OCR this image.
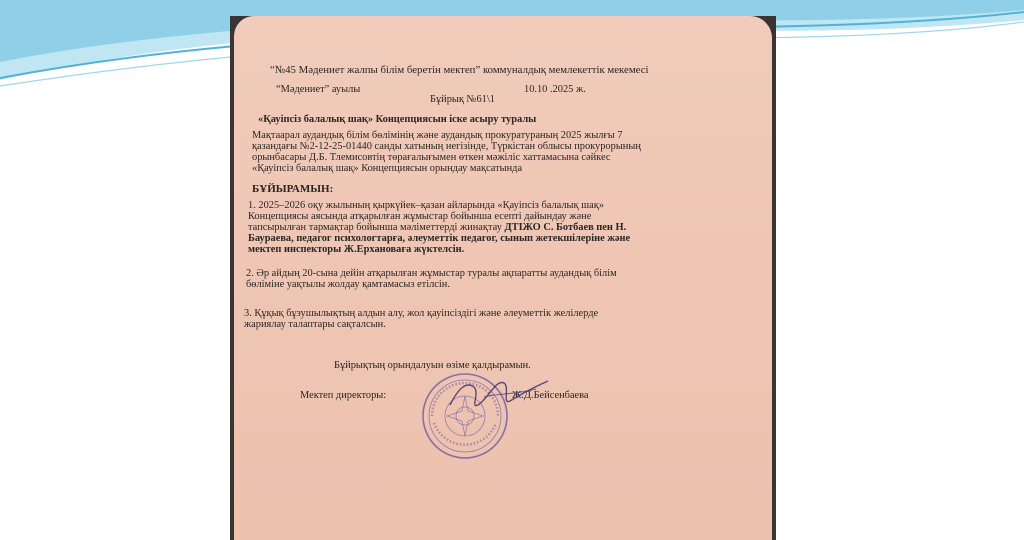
“№45 Мәдениет жалпы білім беретін мектеп” коммуналдық мемлекеттік мекемесі
“Мәдениет” ауылы	10.10 .2025 ж.
Бұйрық №61\1
«Қауіпсіз балалық шақ» Концепциясын іске асыру туралы
Мақтаарал аудандық білім бөлімінің және аудандық прокуратураның 2025 жылғы 7
қазандағы №2-12-25-01440 санды хатының негізінде, Түркістан облысы прокурорының
орынбасары Д.Б. Тлемисовтің төрағалығымен өткен мәжіліс хаттамасына сәйкес
«Қауіпсіз балалық шақ» Концепциясын орындау мақсатында
БҰЙЫРАМЫН:
1. 2025–2026 оқу жылының қыркүйек–қазан айларында «Қауіпсіз балалық шақ»
Концепциясы аясында атқарылған жұмыстар бойынша есепті дайындау және
тапсырылған тармақтар бойынша мәліметтерді жинақтау ДТІЖО С. Ботбаев пен Н.
Баураева, педагог психологтарға, әлеуметтік педагог, сынып жетекшілеріне және
мектеп инспекторы Ж.Ерхановаға жүктелсін.
2. Әр айдың 20-сына дейін атқарылған жұмыстар туралы ақпаратты аудандық білім
бөліміне уақтылы жолдау қамтамасыз етілсін.
3. Құқық бұзушылықтың алдын алу, жол қауіпсіздігі және әлеуметтік желілерде
жариялау талаптары сақталсын.
Бұйрықтың орындалуын өзіме қалдырамын.
Мектеп директоры:	Ж.Д.Бейсенбаева
